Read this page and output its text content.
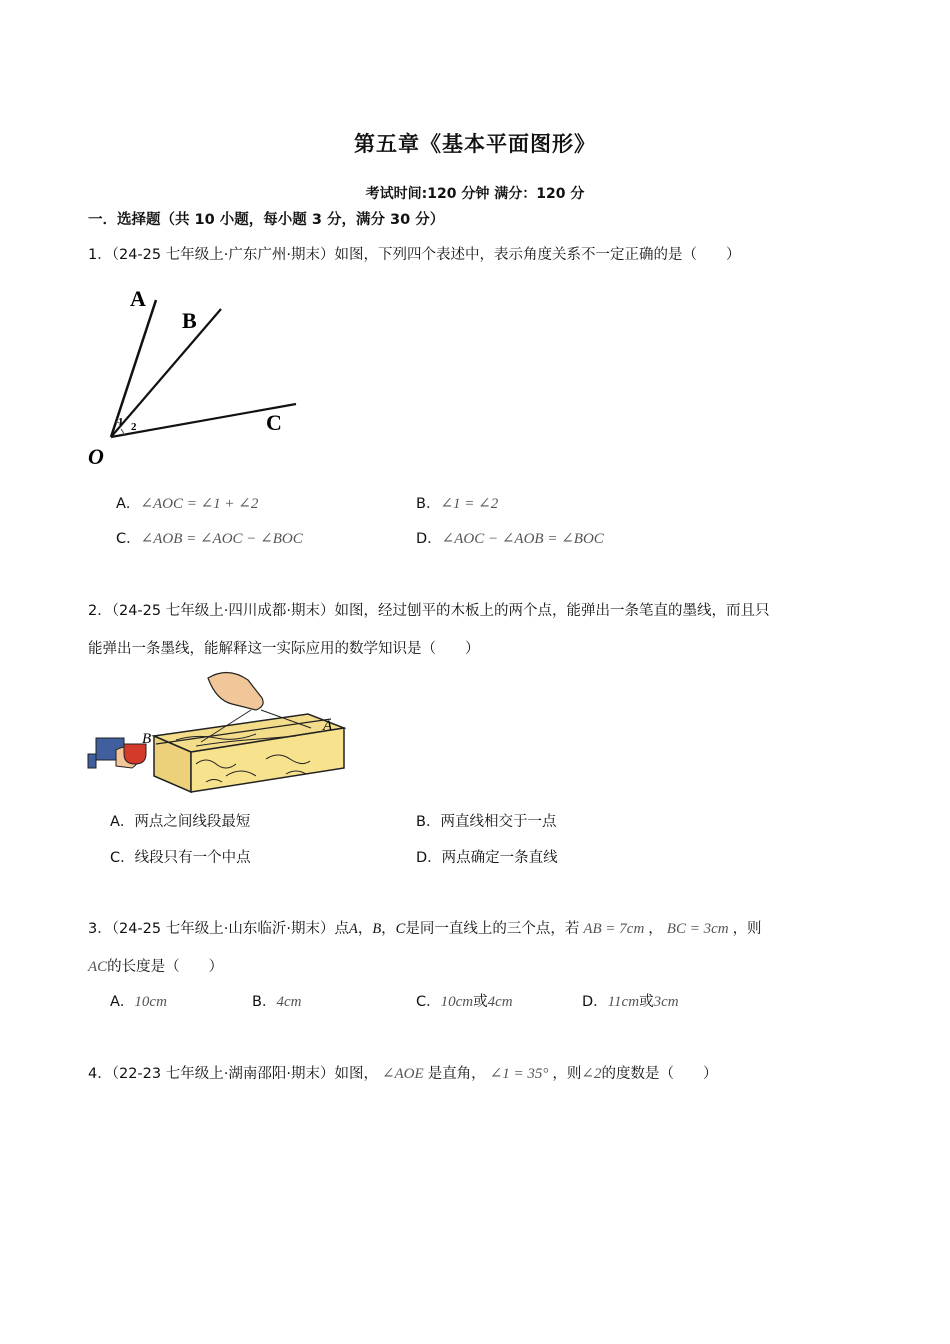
第五章《基本平面图形》
考试时间:120 分钟 满分：120 分
一．选择题（共 10 小题，每小题 3 分，满分 30 分）
1．（24-25 七年级上·广东广州·期末）如图，下列四个表述中，表示角度关系不一定正确的是（　　）
A
B
C
O
1 2
A．∠AOC = ∠1 + ∠2	B．∠1 = ∠2
C．∠AOB = ∠AOC − ∠BOC	D．∠AOC − ∠AOB = ∠BOC
2．（24-25 七年级上·四川成都·期末）如图，经过刨平的木板上的两个点，能弹出一条笔直的墨线，而且只
能弹出一条墨线，能解释这一实际应用的数学知识是（　　）
B
A
A．两点之间线段最短	B．两直线相交于一点
C．线段只有一个中点	D．两点确定一条直线
3．（24-25 七年级上·山东临沂·期末）点A，B，C是同一直线上的三个点，若 AB = 7cm ， BC = 3cm ，则
AC的长度是（　　）
A．10cm	B．4cm	C．10cm或4cm	D．11cm或3cm
4．（22-23 七年级上·湖南邵阳·期末）如图， ∠AOE 是直角， ∠1 = 35° ，则∠2的度数是（　　）
